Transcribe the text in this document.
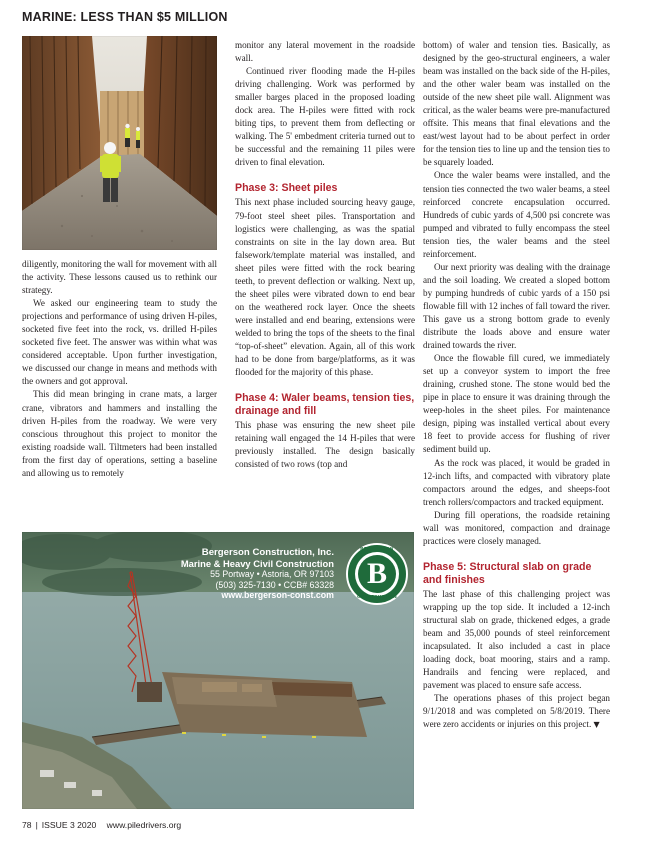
MARINE: LESS THAN $5 MILLION

diligently, monitoring the wall for movement with all the activity. These lessons caused us to rethink our strategy.

We asked our engineering team to study the projections and performance of using driven H-piles, socketed five feet into the rock, vs. drilled H-piles socketed five feet. The answer was within what was considered acceptable. Upon further investigation, we discussed our change in means and methods with the owners and got approval.

This did mean bringing in crane mats, a larger crane, vibrators and hammers and installing the driven H-piles from the roadway. We were very conscious throughout this project to monitor the existing roadside wall. Tiltmeters had been installed from the first day of operations, setting a baseline and allowing us to remotely

monitor any lateral movement in the roadside wall.

Continued river flooding made the H-piles driving challenging. Work was performed by smaller barges placed in the proposed loading dock area. The H-piles were fitted with rock biting tips, to prevent them from deflecting or walking. The 5' embedment criteria turned out to be successful and the remaining 11 piles were driven to final elevation.

Phase 3: Sheet piles

This next phase included sourcing heavy gauge, 79-foot steel sheet piles. Transportation and logistics were challenging, as was the spatial constraints on site in the lay down area. But falsework/template material was installed, and sheet piles were fitted with the rock bearing teeth, to prevent deflection or walking. Next up, the sheet piles were vibrated down to end bear on the weathered rock layer. Once the sheets were installed and end bearing, extensions were welded to bring the tops of the sheets to the final “top-of-sheet” elevation. Again, all of this work had to be done from barge/platforms, as it was flooded for the majority of this phase.

Phase 4: Waler beams, tension ties, drainage and fill

This phase was ensuring the new sheet pile retaining wall engaged the 14 H-piles that were previously installed. The design basically consisted of two rows (top and

bottom) of waler and tension ties. Basically, as designed by the geo-structural engineers, a waler beam was installed on the back side of the H-piles, and the other waler beam was installed on the outside of the new sheet pile wall. Alignment was critical, as the waler beams were pre-manufactured offsite. This means that final elevations and the east/west layout had to be about perfect in order for the tension ties to line up and the tension ties to be squarely loaded.

Once the waler beams were installed, and the tension ties connected the two waler beams, a steel reinforced concrete encapsulation occurred. Hundreds of cubic yards of 4,500 psi concrete was pumped and vibrated to fully encompass the steel tension ties, the waler beams and the steel reinforcement.

Our next priority was dealing with the drainage and the soil loading. We created a sloped bottom by pumping hundreds of cubic yards of a 150 psi flowable fill with 12 inches of fall toward the river. This gave us a strong bottom grade to evenly distribute the loads above and ensure water drained towards the river.

Once the flowable fill cured, we immediately set up a conveyor system to import the free draining, crushed stone. The stone would bed the pipe in place to ensure it was draining through the weep-holes in the sheet piles. For maintenance design, piping was installed vertical about every 18 feet to provide access for flushing of river sediment build up.

As the rock was placed, it would be graded in 12-inch lifts, and compacted with vibratory plate compactors around the edges, and sheeps-foot trench rollers/compactors and tracked equipment.

During fill operations, the roadside retaining wall was monitored, compaction and drainage practices were closely managed.

Phase 5: Structural slab on grade and finishes

The last phase of this challenging project was wrapping up the top side. It included a 12-inch structural slab on grade, thickened edges, a grade beam and 35,000 pounds of steel reinforcement incapsulated. It also included a cast in place loading dock, boat mooring, stairs and a ramp. Handrails and fencing were replaced, and pavement was placed to ensure safe access.

The operations phases of this project began 9/1/2018 and was completed on 5/8/2019. There were zero accidents or injuries on this project. ▼

Bergerson Construction, Inc.
Marine & Heavy Civil Construction
55 Portway • Astoria, OR 97103
(503) 325-7130 • CCB# 63328
www.bergerson-const.com
B
BERGERSON
CONSTRUCTION
78 | ISSUE 3 2020 www.piledrivers.org
